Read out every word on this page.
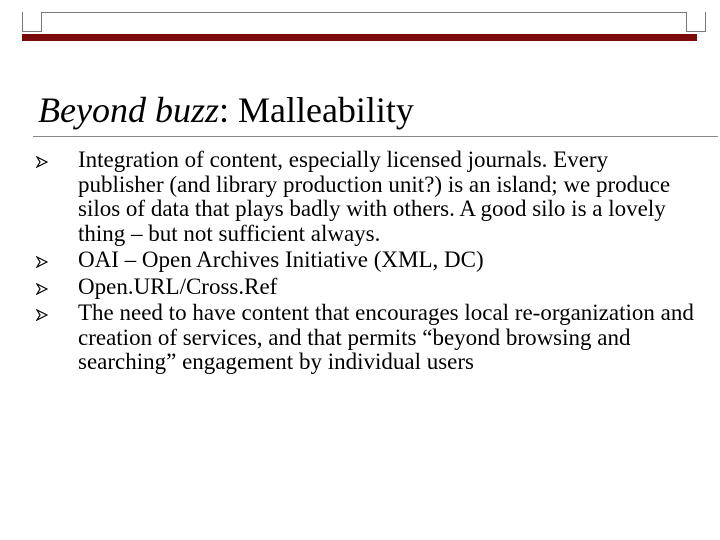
Beyond buzz: Malleability

Integration of content, especially licensed journals. Every publisher (and library production unit?) is an island; we produce silos of data that plays badly with others. A good silo is a lovely thing – but not sufficient always.

OAI – Open Archives Initiative (XML, DC)

Open.URL/Cross.Ref

The need to have content that encourages local re-organization and creation of services, and that permits “beyond browsing and searching” engagement by individual users
